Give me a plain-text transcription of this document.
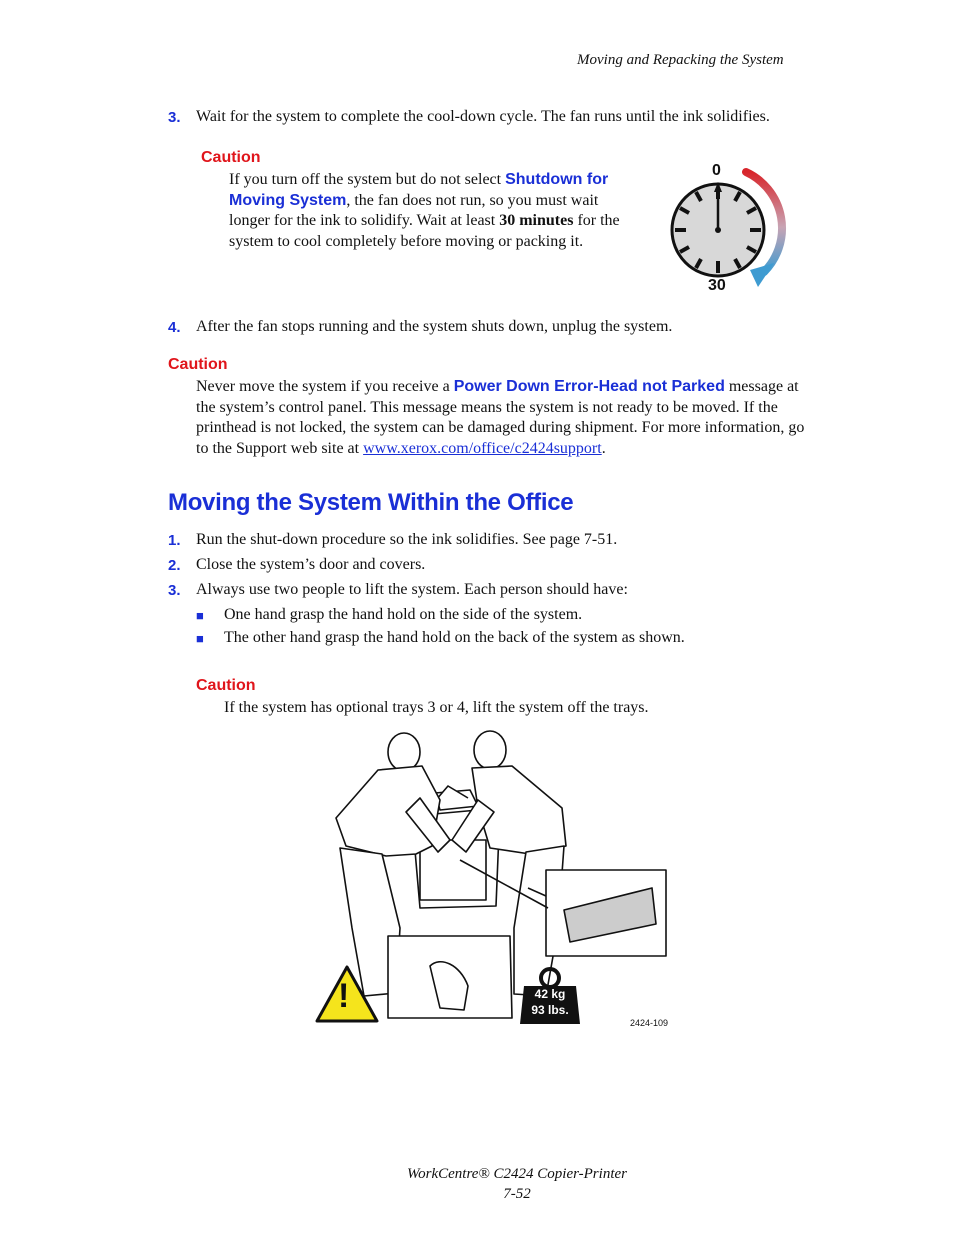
Moving and Repacking the System
3. Wait for the system to complete the cool-down cycle. The fan runs until the ink solidifies.
Caution
If you turn off the system but do not select Shutdown for Moving System, the fan does not run, so you must wait longer for the ink to solidify. Wait at least 30 minutes for the system to cool completely before moving or packing it.
0
30
4. After the fan stops running and the system shuts down, unplug the system.
Caution
Never move the system if you receive a Power Down Error-Head not Parked message at the system’s control panel. This message means the system is not ready to be moved. If the printhead is not locked, the system can be damaged during shipment. For more information, go to the Support web site at www.xerox.com/office/c2424support.
Moving the System Within the Office
1. Run the shut-down procedure so the ink solidifies. See page 7-51.
2. Close the system’s door and covers.
3. Always use two people to lift the system. Each person should have:
■ One hand grasp the hand hold on the side of the system.
■ The other hand grasp the hand hold on the back of the system as shown.
Caution
If the system has optional trays 3 or 4, lift the system off the trays.
!	42 kg
93 lbs.
2424-109
WorkCentre® C2424 Copier-Printer
7-52
